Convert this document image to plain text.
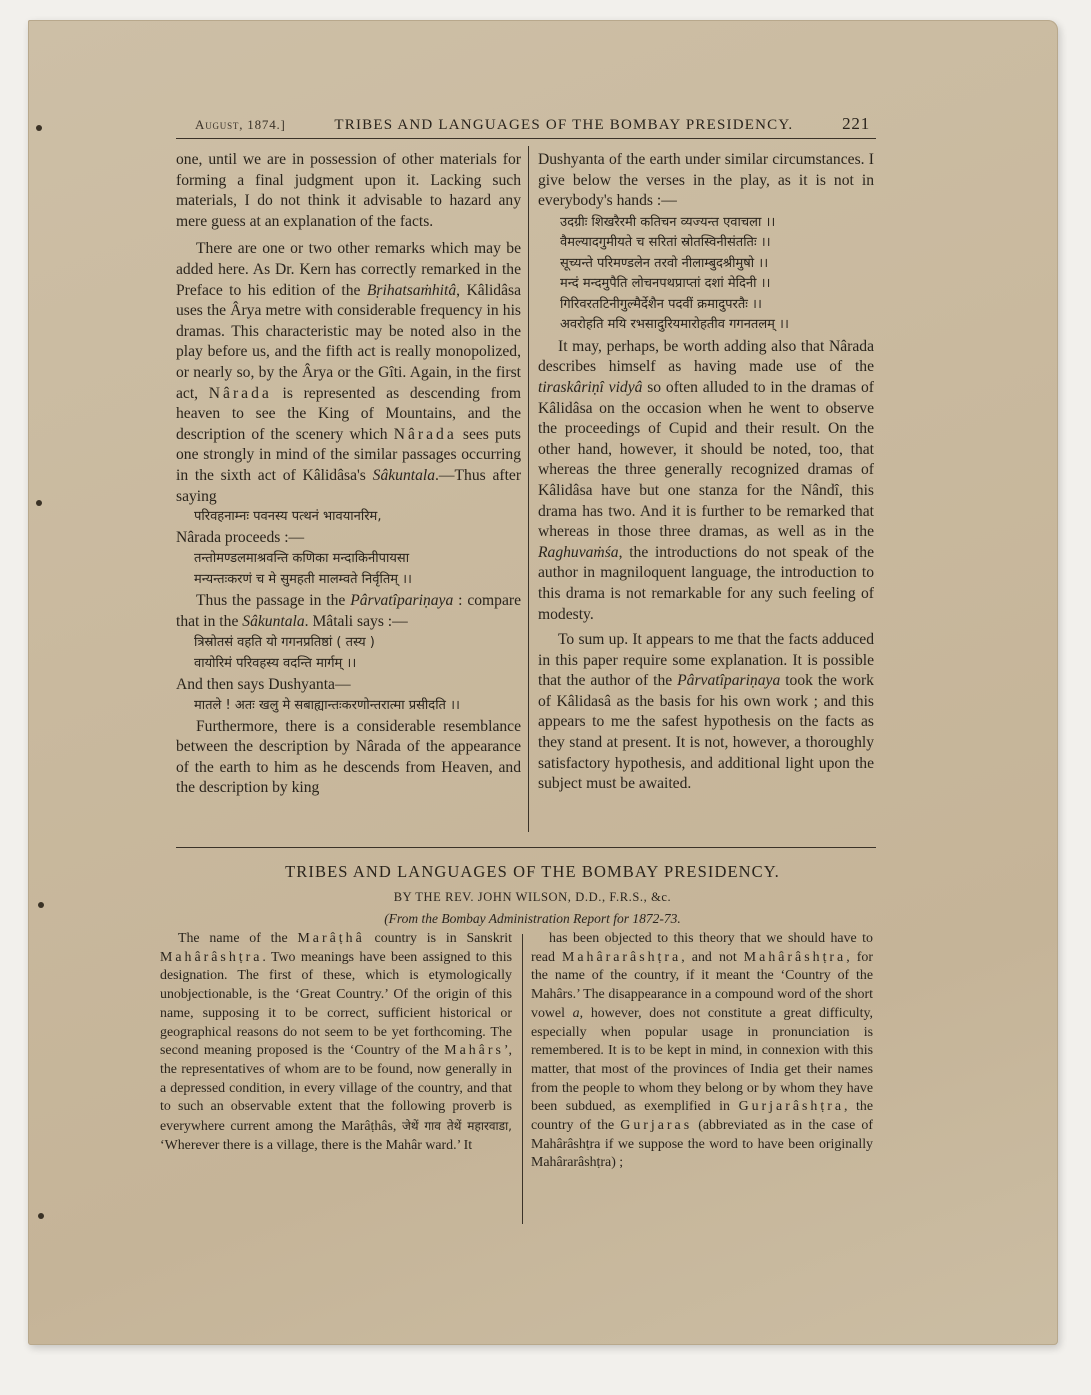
August, 1874.]	TRIBES AND LANGUAGES OF THE BOMBAY PRESIDENCY.	221

one, until we are in possession of other materials for forming a final judgment upon it. Lacking such materials, I do not think it advisable to hazard any mere guess at an explanation of the facts.

There are one or two other remarks which may be added here. As Dr. Kern has correctly remarked in the Preface to his edition of the Bṛihatsaṁhitâ, Kâlidâsa uses the Ârya metre with considerable frequency in his dramas. This characteristic may be noted also in the play before us, and the fifth act is really monopolized, or nearly so, by the Ârya or the Gîti. Again, in the first act, Nârada is represented as descending from heaven to see the King of Mountains, and the description of the scenery which Nârada sees puts one strongly in mind of the similar passages occurring in the sixth act of Kâlidâsa's Sâkuntala.—Thus after saying

परिवहनाम्नः पवनस्य पत्थनं भावयानरिम,
Nârada proceeds :—
तन्तोमण्डलमाश्रवन्ति कणिका मन्दाकिनीपायसा
मन्यन्तःकरणं च मे सुमहती मालम्वते निर्वृतिम् ।।

Thus the passage in the Pârvatîpariṇaya : compare that in the Sâkuntala. Mâtali says :—

त्रिस्रोतसं वहति यो गगनप्रतिष्ठां ( तस्य )
वायोरिमं परिवहस्य वदन्ति मार्गम् ।।
And then says Dushyanta—
मातले ! अतः खलु मे सबाह्यान्तःकरणोन्तरात्मा प्रसीदति ।।

Furthermore, there is a considerable resemblance between the description by Nârada of the appearance of the earth to him as he descends from Heaven, and the description by king

Dushyanta of the earth under similar circumstances. I give below the verses in the play, as it is not in everybody's hands :—

उदग्रीः शिखरैरमी कतिचन व्यज्यन्त एवाचला ।।
वैमल्यादगुमीयते च सरितां स्रोतस्विनीसंततिः ।।
सूच्यन्ते परिमण्डलेन तरवो नीलाम्बुदश्रीमुषो ।।
मन्दं मन्दमुपैति लोचनपथप्राप्तां दशां मेदिनी ।।
गिरिवरतटिनीगुल्मैर्देशैन पदवीं क्रमादुपरतैः ।।
अवरोहति मयि रभसादुरियमारोहतीव गगनतलम् ।।

It may, perhaps, be worth adding also that Nârada describes himself as having made use of the tiraskâriṇî vidyâ so often alluded to in the dramas of Kâlidâsa on the occasion when he went to observe the proceedings of Cupid and their result. On the other hand, however, it should be noted, too, that whereas the three generally recognized dramas of Kâlidâsa have but one stanza for the Nândî, this drama has two. And it is further to be remarked that whereas in those three dramas, as well as in the Raghuvaṁśa, the introductions do not speak of the author in magniloquent language, the introduction to this drama is not remarkable for any such feeling of modesty.

To sum up. It appears to me that the facts adduced in this paper require some explanation. It is possible that the author of the Pârvatîpariṇaya took the work of Kâlidasâ as the basis for his own work ; and this appears to me the safest hypothesis on the facts as they stand at present. It is not, however, a thoroughly satisfactory hypothesis, and additional light upon the subject must be awaited.

TRIBES AND LANGUAGES OF THE BOMBAY PRESIDENCY.
BY THE REV. JOHN WILSON, D.D., F.R.S., &c.
(From the Bombay Administration Report for 1872-73.

The name of the Marâṭhâ country is in Sanskrit Mahârâshṭra. Two meanings have been assigned to this designation. The first of these, which is etymologically unobjectionable, is the ‘Great Country.’ Of the origin of this name, supposing it to be correct, sufficient historical or geographical reasons do not seem to be yet forthcoming. The second meaning proposed is the ‘Country of the Mahârs’, the representatives of whom are to be found, now generally in a depressed condition, in every village of the country, and that to such an observable extent that the following proverb is everywhere current among the Marâṭhâs, जेथें गाव तेथें महारवाडा, ‘Wherever there is a village, there is the Mahâr ward.’ It

has been objected to this theory that we should have to read Mahârarâshṭra, and not Mahârâshṭra, for the name of the country, if it meant the ‘Country of the Mahârs.’ The disappearance in a compound word of the short vowel a, however, does not constitute a great difficulty, especially when popular usage in pronunciation is remembered. It is to be kept in mind, in connexion with this matter, that most of the provinces of India get their names from the people to whom they belong or by whom they have been subdued, as exemplified in Gurjarâshṭra, the country of the Gurjaras (abbreviated as in the case of Mahârâshṭra if we suppose the word to have been originally Mahârarâshṭra) ;
